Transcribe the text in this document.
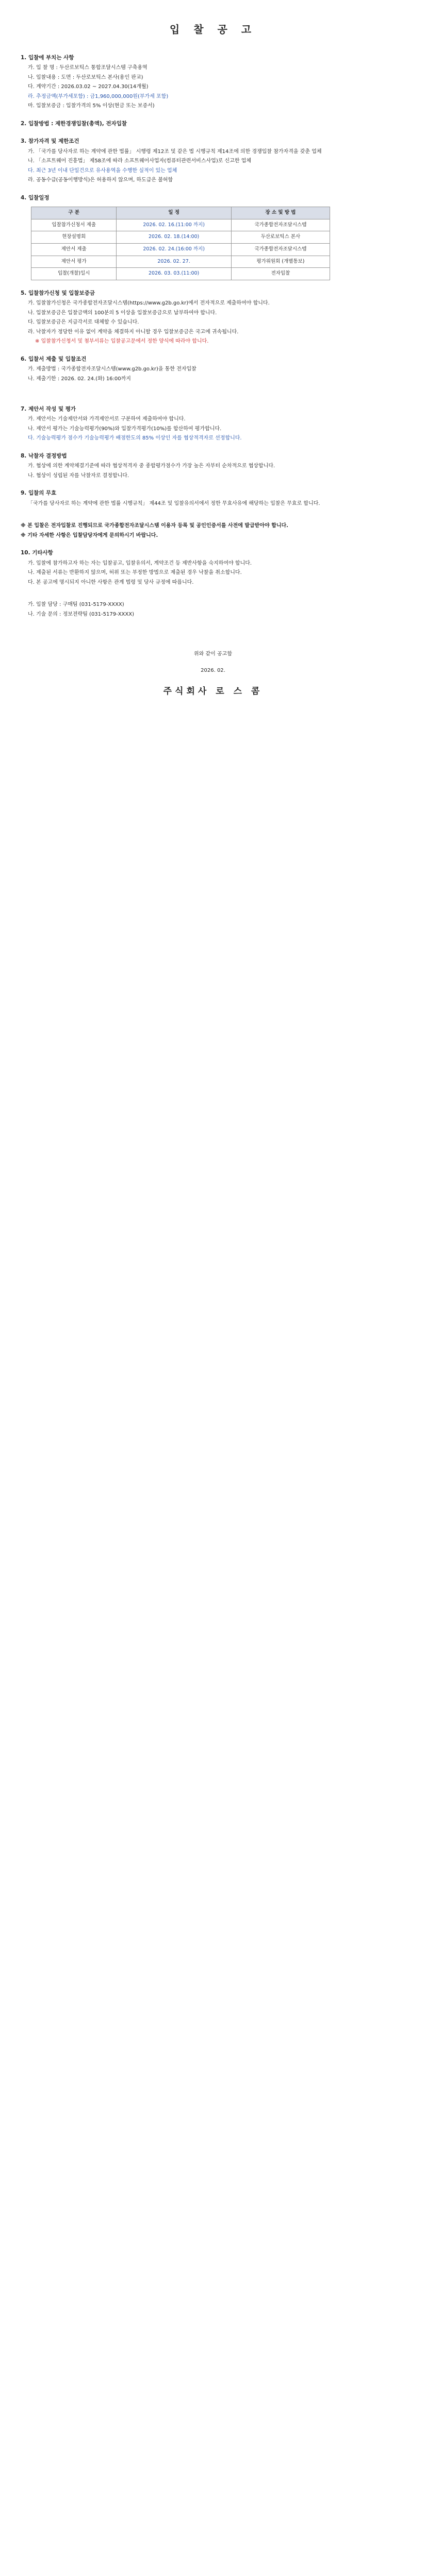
입 찰 공 고
1. 입찰에 부치는 사항
가. 입 찰 명 : 두산로보틱스 통합조달시스템 구축용역
나. 입찰내용 : 도면 : 두산로보틱스 본사(용인 판교)
다. 계약기간 : 2026.03.02 ~ 2027.04.30(14개월)
라. 추정금액(부가세포함) : 금1,960,000,000원(부가세 포함)
마. 입찰보증금 : 입찰가격의 5% 이상(현금 또는 보증서)
2. 입찰방법 : 제한경쟁입찰(총액), 전자입찰
3. 참가자격 및 제한조건
가. 「국가를 당사자로 하는 계약에 관한 법률」 시행령 제12조 및 같은 법 시행규칙 제14조에 의한 경쟁입찰 참가자격을 갖춘 업체
나. 「소프트웨어 진흥법」 제58조에 따라 소프트웨어사업자(컴퓨터관련서비스사업)로 신고한 업체
다. 최근 3년 이내 단일건으로 유사용역을 수행한 실적이 있는 업체
라. 공동수급(공동이행방식)은 허용하지 않으며, 하도급은 불허함
4. 입찰일정
구 분	일 정	장 소 및 방 법
입찰참가신청서 제출	2026. 02. 16.(11:00 까지)	국가종합전자조달시스템
현장설명회	2026. 02. 18.(14:00)	두산로보틱스 본사
제안서 제출	2026. 02. 24.(16:00 까지)	국가종합전자조달시스템
제안서 평가	2026. 02. 27.	평가위원회 (개별통보)
입찰(개찰)일시	2026. 03. 03.(11:00)	전자입찰
5. 입찰참가신청 및 입찰보증금
가. 입찰참가신청은 국가종합전자조달시스템(https://www.g2b.go.kr)에서 전자적으로 제출하여야 합니다.
나. 입찰보증금은 입찰금액의 100분의 5 이상을 입찰보증금으로 납부하여야 합니다.
다. 입찰보증금은 지급각서로 대체할 수 있습니다.
라. 낙찰자가 정당한 이유 없이 계약을 체결하지 아니할 경우 입찰보증금은 국고에 귀속됩니다.
※ 입찰참가신청서 및 첨부서류는 입찰공고문에서 정한 양식에 따라야 합니다.
6. 입찰서 제출 및 입찰조건
가. 제출방법 : 국가종합전자조달시스템(www.g2b.go.kr)을 통한 전자입찰
나. 제출기한 : 2026. 02. 24.(화) 16:00까지
7. 제안서 작성 및 평가
가. 제안서는 기술제안서와 가격제안서로 구분하여 제출하여야 합니다.
나. 제안서 평가는 기술능력평가(90%)와 입찰가격평가(10%)를 합산하여 평가합니다.
다. 기술능력평가 점수가 기술능력평가 배점한도의 85% 이상인 자를 협상적격자로 선정합니다.
8. 낙찰자 결정방법
가. 협상에 의한 계약체결기준에 따라 협상적격자 중 종합평가점수가 가장 높은 자부터 순차적으로 협상합니다.
나. 협상이 성립된 자를 낙찰자로 결정합니다.
9. 입찰의 무효
「국가를 당사자로 하는 계약에 관한 법률 시행규칙」 제44조 및 입찰유의서에서 정한 무효사유에 해당하는 입찰은 무효로 합니다.
※ 본 입찰은 전자입찰로 진행되므로 국가종합전자조달시스템 이용자 등록 및 공인인증서를 사전에 발급받아야 합니다.
※ 기타 자세한 사항은 입찰담당자에게 문의하시기 바랍니다.
10. 기타사항
가. 입찰에 참가하고자 하는 자는 입찰공고, 입찰유의서, 계약조건 등 제반사항을 숙지하여야 합니다.
나. 제출된 서류는 반환하지 않으며, 허위 또는 부정한 방법으로 제출된 경우 낙찰을 취소합니다.
다. 본 공고에 명시되지 아니한 사항은 관계 법령 및 당사 규정에 따릅니다.
가. 입찰 담당 : 구매팀 (031-5179-XXXX)
나. 기술 문의 : 정보전략팀 (031-5179-XXXX)
위와 같이 공고함
2026. 02.
주식회사 로 스 콤
